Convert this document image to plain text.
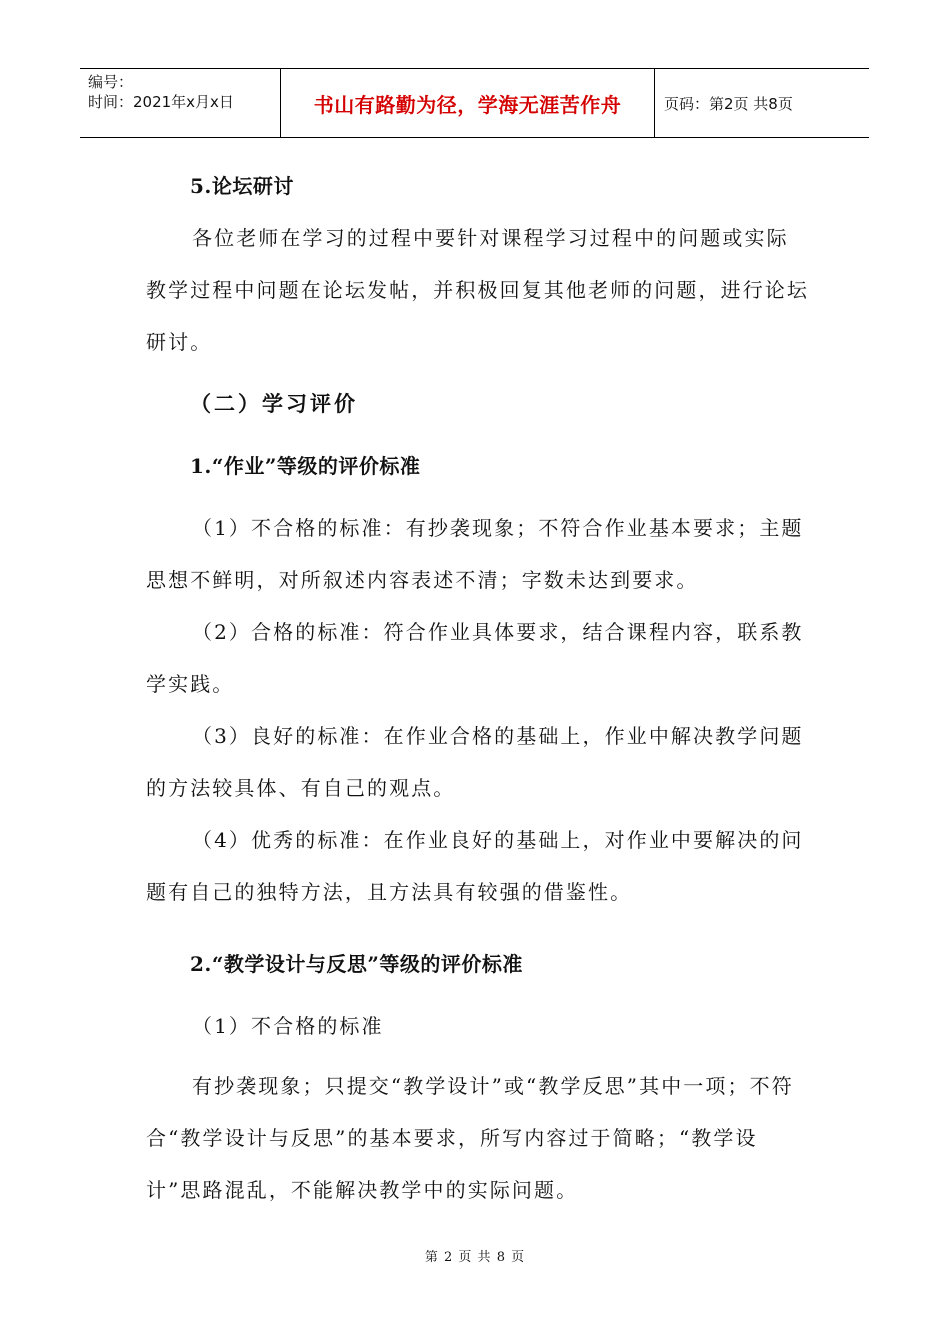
编号：
时间：2021年x月x日	书山有路勤为径，学海无涯苦作舟	页码：第2页 共8页

5.论坛研讨

各位老师在学习的过程中要针对课程学习过程中的问题或实际教学过程中问题在论坛发帖，并积极回复其他老师的问题，进行论坛研讨。

（二）学习评价

1.“作业”等级的评价标准

（1）不合格的标准：有抄袭现象；不符合作业基本要求；主题思想不鲜明，对所叙述内容表述不清；字数未达到要求。

（2）合格的标准：符合作业具体要求，结合课程内容，联系教学实践。

（3）良好的标准：在作业合格的基础上，作业中解决教学问题的方法较具体、有自己的观点。

（4）优秀的标准：在作业良好的基础上，对作业中要解决的问题有自己的独特方法，且方法具有较强的借鉴性。

2.“教学设计与反思”等级的评价标准

（1）不合格的标准

有抄袭现象；只提交“教学设计”或“教学反思”其中一项；不符合“教学设计与反思”的基本要求，所写内容过于简略；“教学设计”思路混乱，不能解决教学中的实际问题。

第 2 页 共 8 页
